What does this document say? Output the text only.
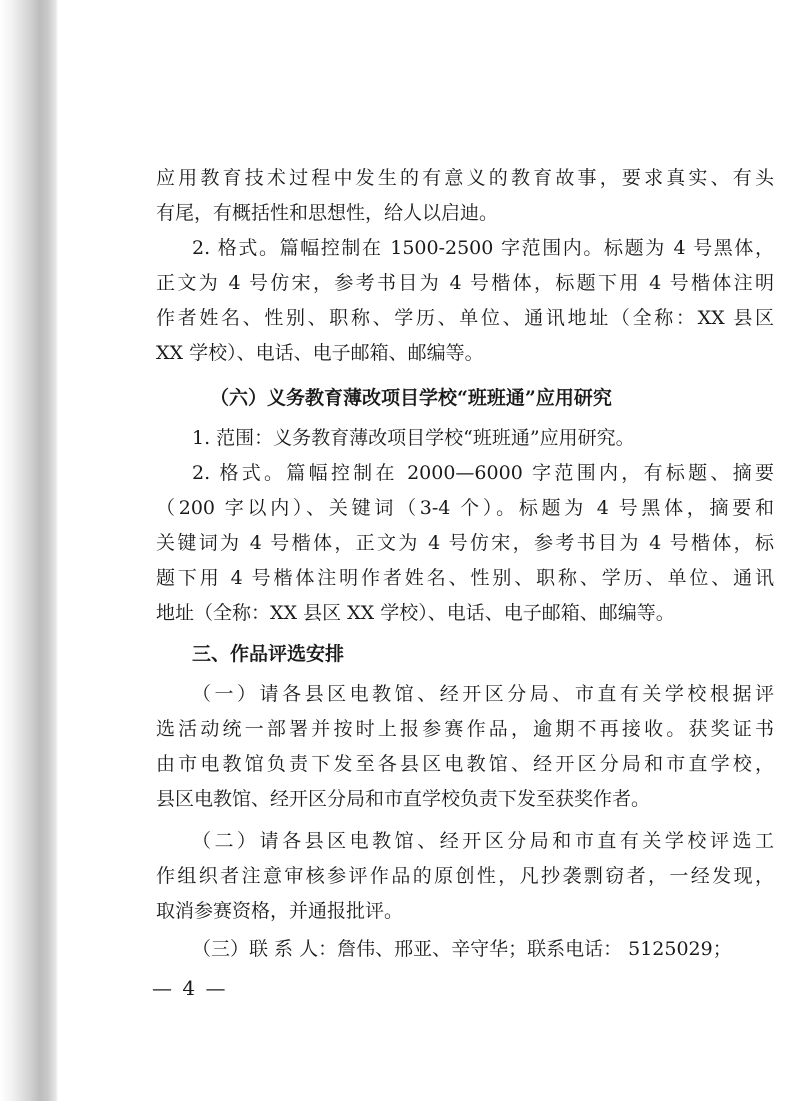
应用教育技术过程中发生的有意义的教育故事，要求真实、有头
有尾，有概括性和思想性，给人以启迪。
2. 格式。篇幅控制在 1500-2500 字范围内。标题为 4 号黑体，
正文为 4 号仿宋，参考书目为 4 号楷体，标题下用 4 号楷体注明
作者姓名、性别、职称、学历、单位、通讯地址（全称：XX 县区
XX 学校）、电话、电子邮箱、邮编等。
（六）义务教育薄改项目学校“班班通”应用研究
1. 范围：义务教育薄改项目学校“班班通”应用研究。
2. 格式。篇幅控制在 2000—6000 字范围内，有标题、摘要
（200 字以内）、关键词（3-4 个）。标题为 4 号黑体，摘要和
关键词为 4 号楷体，正文为 4 号仿宋，参考书目为 4 号楷体，标
题下用 4 号楷体注明作者姓名、性别、职称、学历、单位、通讯
地址（全称：XX 县区 XX 学校）、电话、电子邮箱、邮编等。
三、作品评选安排
（一）请各县区电教馆、经开区分局、市直有关学校根据评
选活动统一部署并按时上报参赛作品，逾期不再接收。获奖证书
由市电教馆负责下发至各县区电教馆、经开区分局和市直学校，
县区电教馆、经开区分局和市直学校负责下发至获奖作者。
（二）请各县区电教馆、经开区分局和市直有关学校评选工
作组织者注意审核参评作品的原创性，凡抄袭剽窃者，一经发现，
取消参赛资格，并通报批评。
（三）联 系 人：詹伟、邢亚、辛守华；联系电话： 5125029；
— 4 —
